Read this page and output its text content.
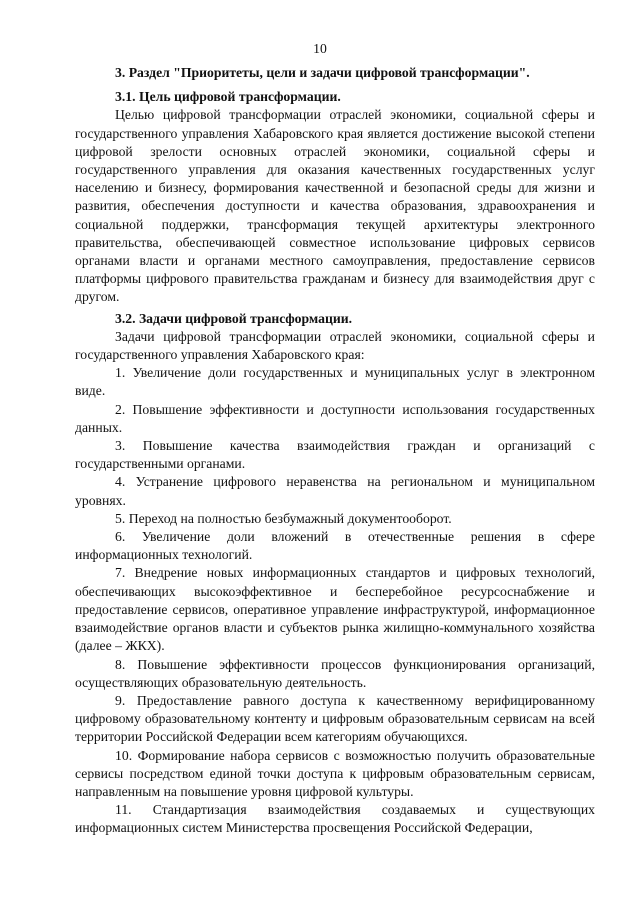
10
3. Раздел "Приоритеты, цели и задачи цифровой трансформации".
3.1. Цель цифровой трансформации.

Целью цифровой трансформации отраслей экономики, социальной сферы и государственного управления Хабаровского края является достижение высокой степени цифровой зрелости основных отраслей экономики, социальной сферы и государственного управления для оказания качественных государственных услуг населению и бизнесу, формирования качественной и безопасной среды для жизни и развития, обеспечения доступности и качества образования, здравоохранения и социальной поддержки, трансформация текущей архитектуры электронного правительства, обеспечивающей совместное использование цифровых сервисов органами власти и органами местного самоуправления, предоставление сервисов платформы цифрового правительства гражданам и бизнесу для взаимодействия друг с другом.

3.2. Задачи цифровой трансформации.

Задачи цифровой трансформации отраслей экономики, социальной сферы и государственного управления Хабаровского края:

1. Увеличение доли государственных и муниципальных услуг в электронном виде.
2. Повышение эффективности и доступности использования государственных данных.
3. Повышение качества взаимодействия граждан и организаций с государственными органами.
4. Устранение цифрового неравенства на региональном и муниципальном уровнях.
5. Переход на полностью безбумажный документооборот.
6. Увеличение доли вложений в отечественные решения в сфере информационных технологий.
7. Внедрение новых информационных стандартов и цифровых технологий, обеспечивающих высокоэффективное и бесперебойное ресурсоснабжение и предоставление сервисов, оперативное управление инфраструктурой, информационное взаимодействие органов власти и субъектов рынка жилищно-коммунального хозяйства (далее – ЖКХ).
8. Повышение эффективности процессов функционирования организаций, осуществляющих образовательную деятельность.
9. Предоставление равного доступа к качественному верифицированному цифровому образовательному контенту и цифровым образовательным сервисам на всей территории Российской Федерации всем категориям обучающихся.
10. Формирование набора сервисов с возможностью получить образовательные сервисы посредством единой точки доступа к цифровым образовательным сервисам, направленным на повышение уровня цифровой культуры.
11. Стандартизация взаимодействия создаваемых и существующих информационных систем Министерства просвещения Российской Федерации,
